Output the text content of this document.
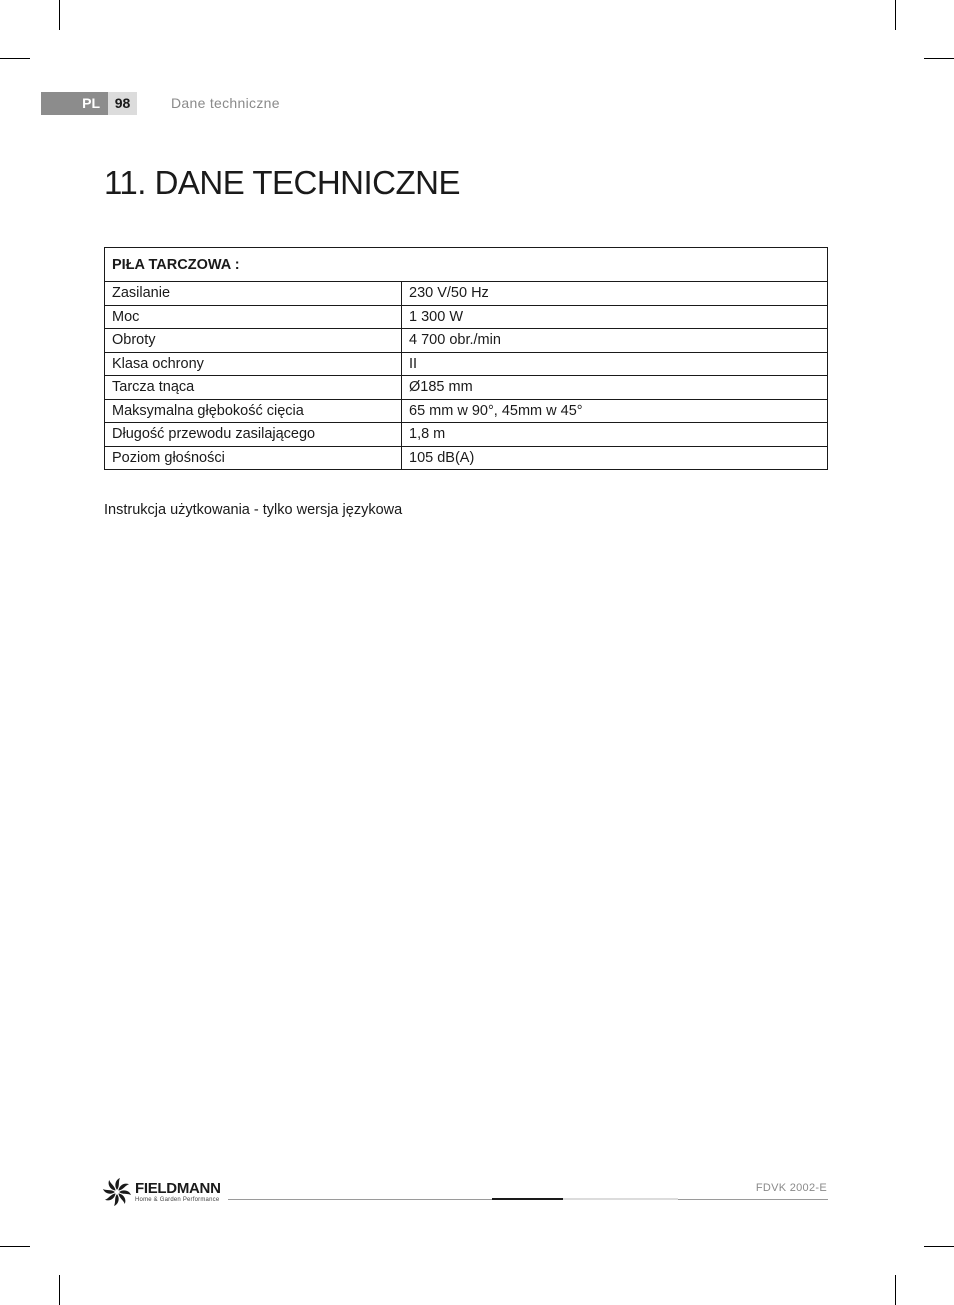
PL	98	Dane techniczne
11. DANE TECHNICZNE
PIŁA TARCZOWA :	
Zasilanie	230 V/50 Hz
Moc	1 300 W
Obroty	4 700 obr./min
Klasa ochrony	II
Tarcza tnąca	Ø185 mm
Maksymalna głębokość cięcia	65 mm w 90°, 45mm w 45°
Długość przewodu zasilającego	1,8 m
Poziom głośności	105 dB(A)

Instrukcja użytkowania - tylko wersja językowa

FIELDMANN
Home & Garden Performance
FDVK 2002-E
